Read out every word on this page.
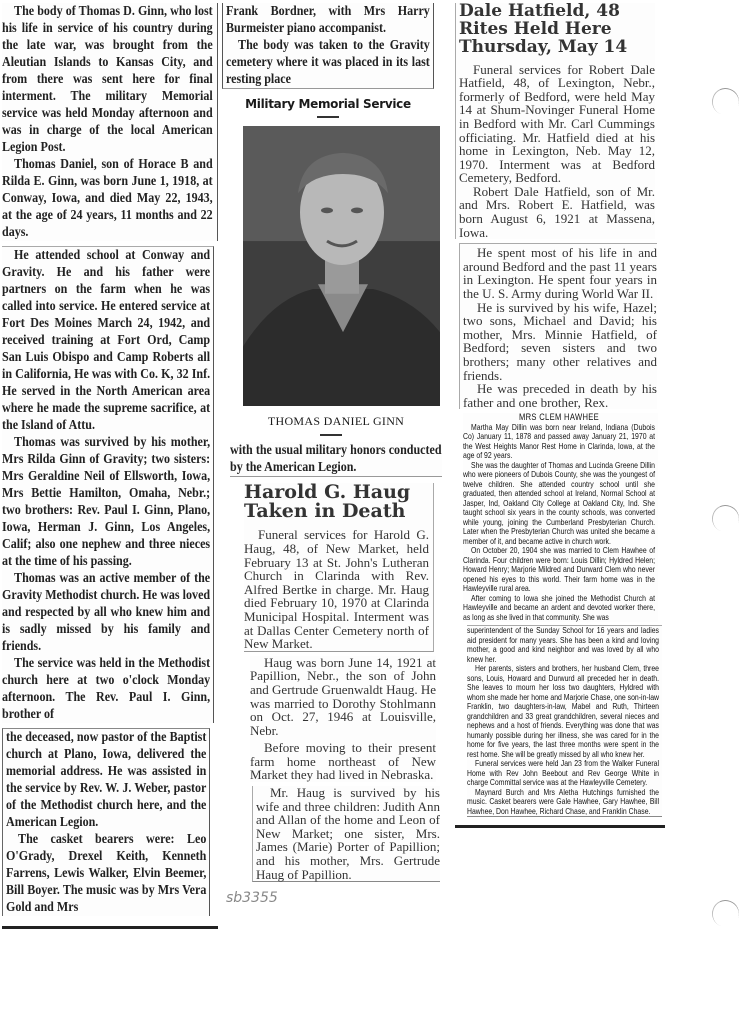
The body of Thomas D. Ginn, who lost his life in service of his country during the late war, was brought from the Aleutian Islands to Kansas City, and from there was sent here for final interment. The military Memorial service was held Monday afternoon and was in charge of the local American Legion Post.

Thomas Daniel, son of Horace B and Rilda E. Ginn, was born June 1, 1918, at Conway, Iowa, and died May 22, 1943, at the age of 24 years, 11 months and 22 days.

He attended school at Conway and Gravity. He and his father were partners on the farm when he was called into service. He entered service at Fort Des Moines March 24, 1942, and received training at Fort Ord, Camp San Luis Obispo and Camp Roberts all in California, He was with Co. K, 32 Inf. He served in the North American area where he made the supreme sacrifice, at the Island of Attu.

Thomas was survived by his mother, Mrs Rilda Ginn of Gravity; two sisters: Mrs Geraldine Neil of Ellsworth, Iowa, Mrs Bettie Hamilton, Omaha, Nebr.; two brothers: Rev. Paul I. Ginn, Plano, Iowa, Herman J. Ginn, Los Angeles, Calif; also one nephew and three nieces at the time of his passing.

Thomas was an active member of the Gravity Methodist church. He was loved and respected by all who knew him and is sadly missed by his family and friends.

The service was held in the Methodist church here at two o'clock Monday afternoon. The Rev. Paul I. Ginn, brother of

the deceased, now pastor of the Baptist church at Plano, Iowa, delivered the memorial address. He was assisted in the service by Rev. W. J. Weber, pastor of the Methodist church here, and the American Legion.

The casket bearers were: Leo O'Grady, Drexel Keith, Kenneth Farrens, Lewis Walker, Elvin Beemer, Bill Boyer. The music was by Mrs Vera Gold and Mrs

Frank Bordner, with Mrs Harry Burmeister piano accompanist.

The body was taken to the Gravity cemetery where it was placed in its last resting place

Military Memorial Service
THOMAS DANIEL GINN

with the usual military honors conducted by the American Legion.

Harold G. Haug Taken in Death

Funeral services for Harold G. Haug, 48, of New Market, held February 13 at St. John's Lutheran Church in Clarinda with Rev. Alfred Bertke in charge. Mr. Haug died February 10, 1970 at Clarinda Municipal Hospital. Interment was at Dallas Center Cemetery north of New Market.

Haug was born June 14, 1921 at Papillion, Nebr., the son of John and Gertrude Gruenwaldt Haug. He was married to Dorothy Stohlmann on Oct. 27, 1946 at Louisville, Nebr.

Before moving to their present farm home northeast of New Market they had lived in Nebraska.

Mr. Haug is survived by his wife and three children: Judith Ann and Allan of the home and Leon of New Market; one sister, Mrs. James (Marie) Porter of Papillion; and his mother, Mrs. Gertrude Haug of Papillion.

sb3355
Dale Hatfield, 48 Rites Held Here Thursday, May 14

Funeral services for Robert Dale Hatfield, 48, of Lexington, Nebr., formerly of Bedford, were held May 14 at Shum-Novinger Funeral Home in Bedford with Mr. Carl Cummings officiating. Mr. Hatfield died at his home in Lexington, Neb. May 12, 1970. Interment was at Bedford Cemetery, Bedford.

Robert Dale Hatfield, son of Mr. and Mrs. Robert E. Hatfield, was born August 6, 1921 at Massena, Iowa.

He spent most of his life in and around Bedford and the past 11 years in Lexington. He spent four years in the U. S. Army during World War II.

He is survived by his wife, Hazel; two sons, Michael and David; his mother, Mrs. Minnie Hatfield, of Bedford; seven sisters and two brothers; many other relatives and friends.

He was preceded in death by his father and one brother, Rex.

MRS CLEM HAWHEE

Martha May Dillin was born near Ireland, Indiana (Dubois Co) January 11, 1878 and passed away January 21, 1970 at the West Heights Manor Rest Home in Clarinda, Iowa, at the age of 92 years.

She was the daughter of Thomas and Lucinda Greene Dillin who were pioneers of Dubois County, she was the youngest of twelve children. She attended country school until she graduated, then attended school at Ireland, Normal School at Jasper, Ind, Oakland City College at Oakland City, Ind. She taught school six years in the county schools, was converted while young, joining the Cumberland Presbyterian Church. Later when the Presbyterian Church was united she became a member of it, and became active in church work.

On October 20, 1904 she was married to Clem Hawhee of Clarinda. Four children were born: Louis Dillin; Hyldred Helen; Howard Henry; Marjorie Mildred and Durward Clem who never opened his eyes to this world. Their farm home was in the Hawleyville rural area.

After coming to Iowa she joined the Methodist Church at Hawleyville and became an ardent and devoted worker there, as long as she lived in that community. She was

superintendent of the Sunday School for 16 years and ladies aid president for many years. She has been a kind and loving mother, a good and kind neighbor and was loved by all who knew her.

Her parents, sisters and brothers, her husband Clem, three sons, Louis, Howard and Durwurd all preceded her in death. She leaves to mourn her loss two daughters, Hyldred with whom she made her home and Marjorie Chase, one son-in-law Franklin, two daughters-in-law, Mabel and Ruth, Thirteen grandchildren and 33 great grandchildren, several nieces and nephews and a host of friends. Everything was done that was humanly possible during her illness, she was cared for in the home for five years, the last three months were spent in the rest home. She will be greatly missed by all who knew her.

Funeral services were held Jan 23 from the Walker Funeral Home with Rev John Beebout and Rev George White in charge Committal service was at the Hawleyville Cemetery.

Maynard Burch and Mrs Aletha Hutchings furnished the music. Casket bearers were Gale Hawhee, Gary Hawhee, Bill Hawhee, Don Hawhee, Richard Chase, and Franklin Chase.
